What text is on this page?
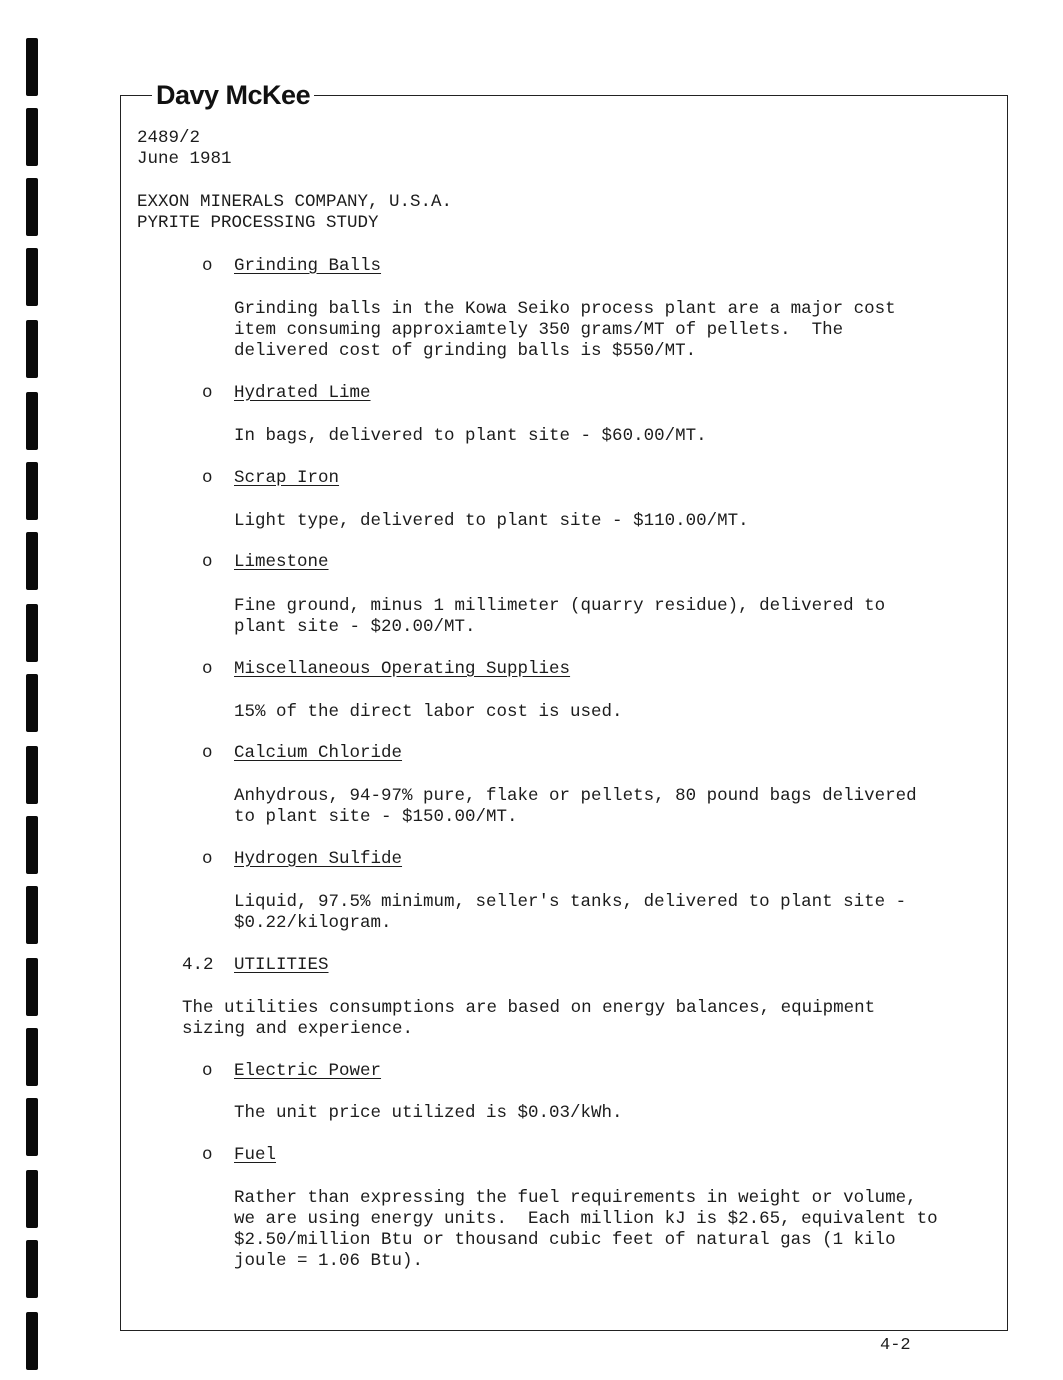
Davy McKee
2489/2
June 1981
EXXON MINERALS COMPANY, U.S.A.
PYRITE PROCESSING STUDY
o Grinding Balls
Grinding balls in the Kowa Seiko process plant are a major cost
item consuming approxiamtely 350 grams/MT of pellets.  The
delivered cost of grinding balls is $550/MT.
o Hydrated Lime
In bags, delivered to plant site - $60.00/MT.
o Scrap Iron
Light type, delivered to plant site - $110.00/MT.
o Limestone
Fine ground, minus 1 millimeter (quarry residue), delivered to
plant site - $20.00/MT.
o Miscellaneous Operating Supplies
15% of the direct labor cost is used.
o Calcium Chloride
Anhydrous, 94-97% pure, flake or pellets, 80 pound bags delivered
to plant site - $150.00/MT.
o Hydrogen Sulfide
Liquid, 97.5% minimum, seller's tanks, delivered to plant site -
$0.22/kilogram.
4.2 UTILITIES
The utilities consumptions are based on energy balances, equipment
sizing and experience.
o Electric Power
The unit price utilized is $0.03/kWh.
o Fuel
Rather than expressing the fuel requirements in weight or volume,
we are using energy units.  Each million kJ is $2.65, equivalent to
$2.50/million Btu or thousand cubic feet of natural gas (1 kilo
joule = 1.06 Btu).
4-2
